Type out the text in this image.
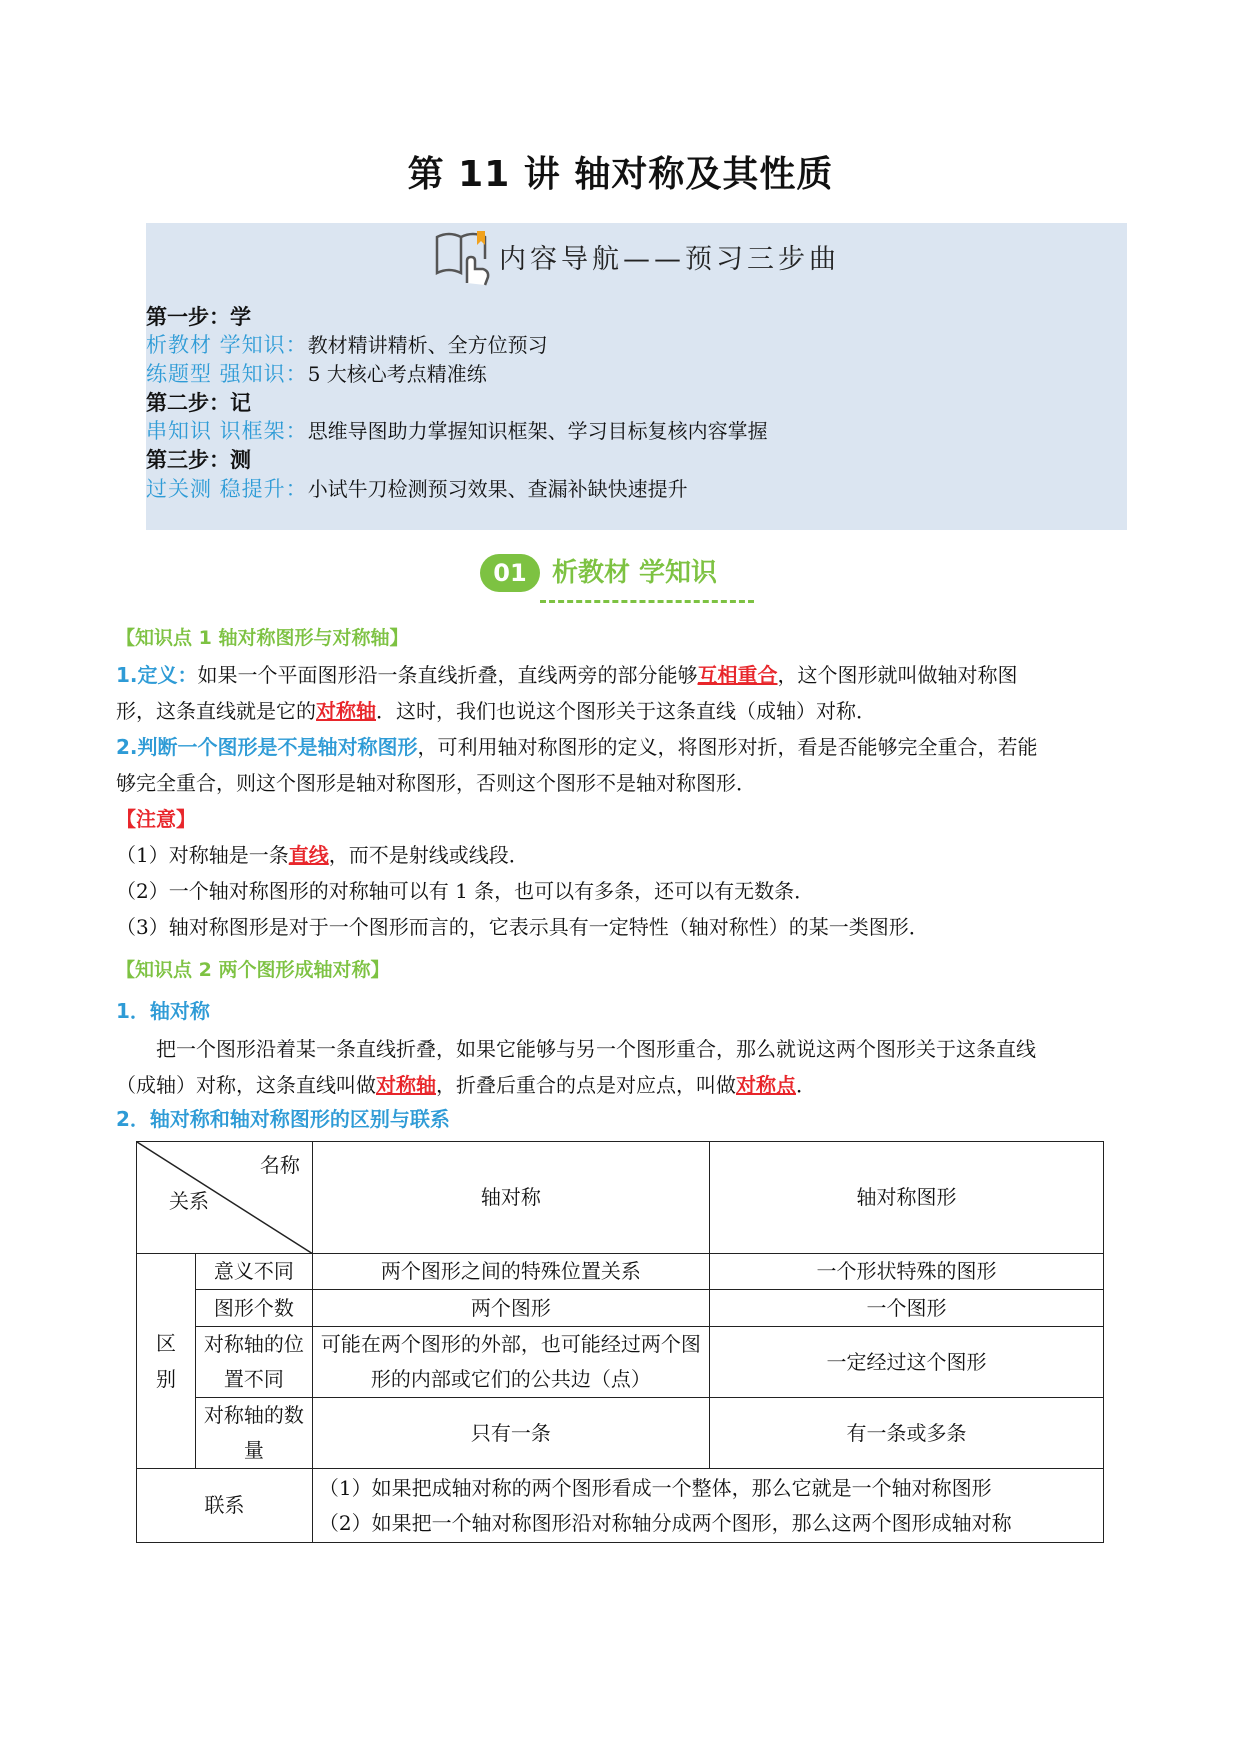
第 11 讲 轴对称及其性质
内容导航——预习三步曲
第一步：学
析教材 学知识：教材精讲精析、全方位预习
练题型 强知识：5 大核心考点精准练
第二步：记
串知识 识框架：思维导图助力掌握知识框架、学习目标复核内容掌握
第三步：测
过关测 稳提升：小试牛刀检测预习效果、查漏补缺快速提升
01 析教材 学知识
【知识点 1 轴对称图形与对称轴】
1.定义：如果一个平面图形沿一条直线折叠，直线两旁的部分能够互相重合，这个图形就叫做轴对称图
形，这条直线就是它的对称轴．这时，我们也说这个图形关于这条直线（成轴）对称．
2.判断一个图形是不是轴对称图形，可利用轴对称图形的定义，将图形对折，看是否能够完全重合，若能
够完全重合，则这个图形是轴对称图形，否则这个图形不是轴对称图形．
【注意】
（1）对称轴是一条直线，而不是射线或线段．
（2）一个轴对称图形的对称轴可以有 1 条，也可以有多条，还可以有无数条．
（3）轴对称图形是对于一个图形而言的，它表示具有一定特性（轴对称性）的某一类图形．
【知识点 2 两个图形成轴对称】
1．轴对称
把一个图形沿着某一条直线折叠，如果它能够与另一个图形重合，那么就说这两个图形关于这条直线
（成轴）对称，这条直线叫做对称轴，折叠后重合的点是对应点，叫做对称点．
2．轴对称和轴对称图形的区别与联系
名称
关系		轴对称	轴对称图形
区别	意义不同	两个图形之间的特殊位置关系	一个形状特殊的图形
	图形个数	两个图形	一个图形
	对称轴的位置不同	可能在两个图形的外部，也可能经过两个图形的内部或它们的公共边（点）	一定经过这个图形
	对称轴的数量	只有一条	有一条或多条
联系		（1）如果把成轴对称的两个图形看成一个整体，那么它就是一个轴对称图形
（2）如果把一个轴对称图形沿对称轴分成两个图形，那么这两个图形成轴对称	
